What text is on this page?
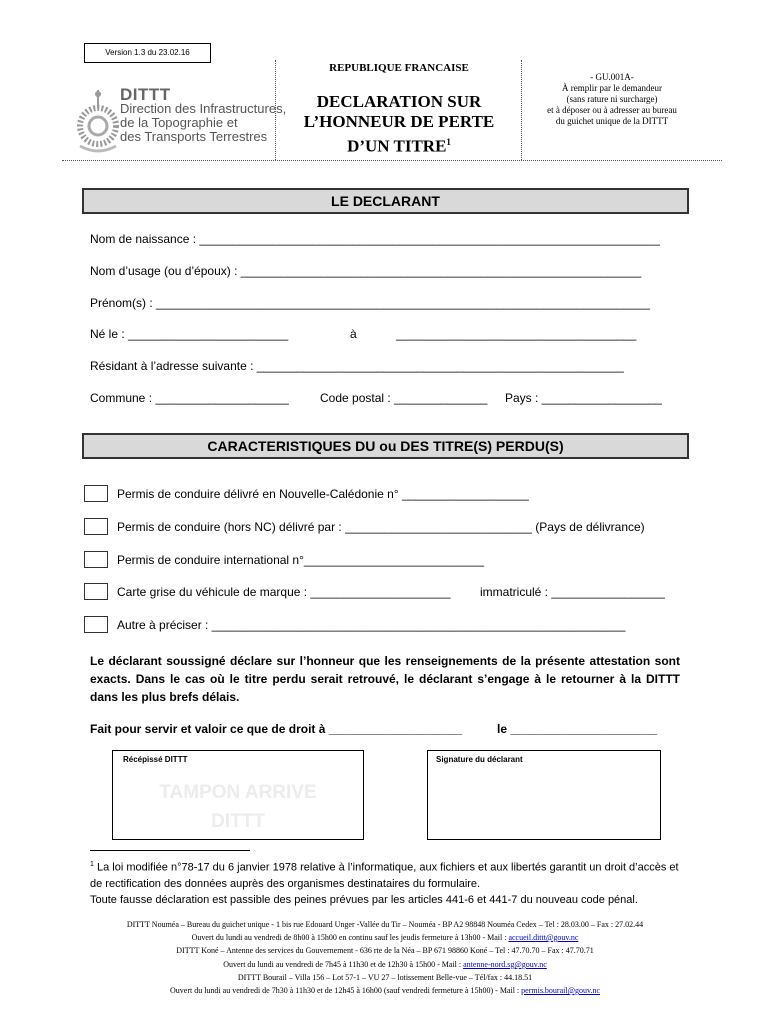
Version 1.3 du 23.02.16
DITTT
Direction des Infrastructures,
de la Topographie et
des Transports Terrestres
REPUBLIQUE FRANCAISE
DECLARATION SUR
L’HONNEUR DE PERTE
D’UN TITRE$^1$
- GU.001A-
À remplir par le demandeur
(sans rature ni surcharge)
et à déposer ou à adresser au bureau
du guichet unique de la DITTT
LE DECLARANT
Nom de naissance : _____________________________________________________________________
Nom d’usage (ou d’époux) : ____________________________________________________________
Prénom(s) : __________________________________________________________________________
Né le : ________________________	à	____________________________________
Résidant à l’adresse suivante : _______________________________________________________
Commune : ____________________	Code postal : ______________ Pays : __________________
CARACTERISTIQUES DU ou DES TITRE(S) PERDU(S)
Permis de conduire délivré en Nouvelle-Calédonie n° ___________________
Permis de conduire (hors NC) délivré par : ____________________________ (Pays de délivrance)
Permis de conduire international n°___________________________
Carte grise du véhicule de marque : _____________________ immatriculé : _________________
Autre à préciser : ______________________________________________________________
Le déclarant soussigné déclare sur l’honneur que les renseignements de la présente attestation sont exacts. Dans le cas où le titre perdu serait retrouvé, le déclarant s’engage à le retourner à la DITTT dans les plus brefs délais.
Fait pour servir et valoir ce que de droit à ____________________	le ______________________
Récépissé DITTT
TAMPON ARRIVE
DITTT
Signature du déclarant
$^1$ La loi modifiée n°78-17 du 6 janvier 1978 relative à l’informatique, aux fichiers et aux libertés garantit un droit d’accès et de rectification des données auprès des organismes destinataires du formulaire.
Toute fausse déclaration est passible des peines prévues par les articles 441-6 et 441-7 du nouveau code pénal.
DITTT Nouméa – Bureau du guichet unique - 1 bis rue Edouard Unger -Vallée du Tir – Nouméa - BP A2 98848 Nouméa Cedex – Tel : 28.03.00 – Fax : 27.02.44
Ouvert du lundi au vendredi de 8h00 à 15h00 en continu sauf les jeudis fermeture à 13h00 - Mail : accueil.dittt@gouv.nc
DITTT Koné – Antenne des services du Gouvernement - 636 rte de la Néa – BP 671 98860 Koné – Tel : 47.70.70 – Fax : 47.70.71
Ouvert du lundi au vendredi de 7h45 à 11h30 et de 12h30 à 15h00 - Mail : antenne-nord.sg@gouv.nc
DITTT Bourail – Villa 156 – Lot 57-1 – VU 27 – lotissement Belle-vue – Tél/fax : 44.18.51
Ouvert du lundi au vendredi de 7h30 à 11h30 et de 12h45 à 16h00 (sauf vendredi fermeture à 15h00) - Mail : permis.bourail@gouv.nc
